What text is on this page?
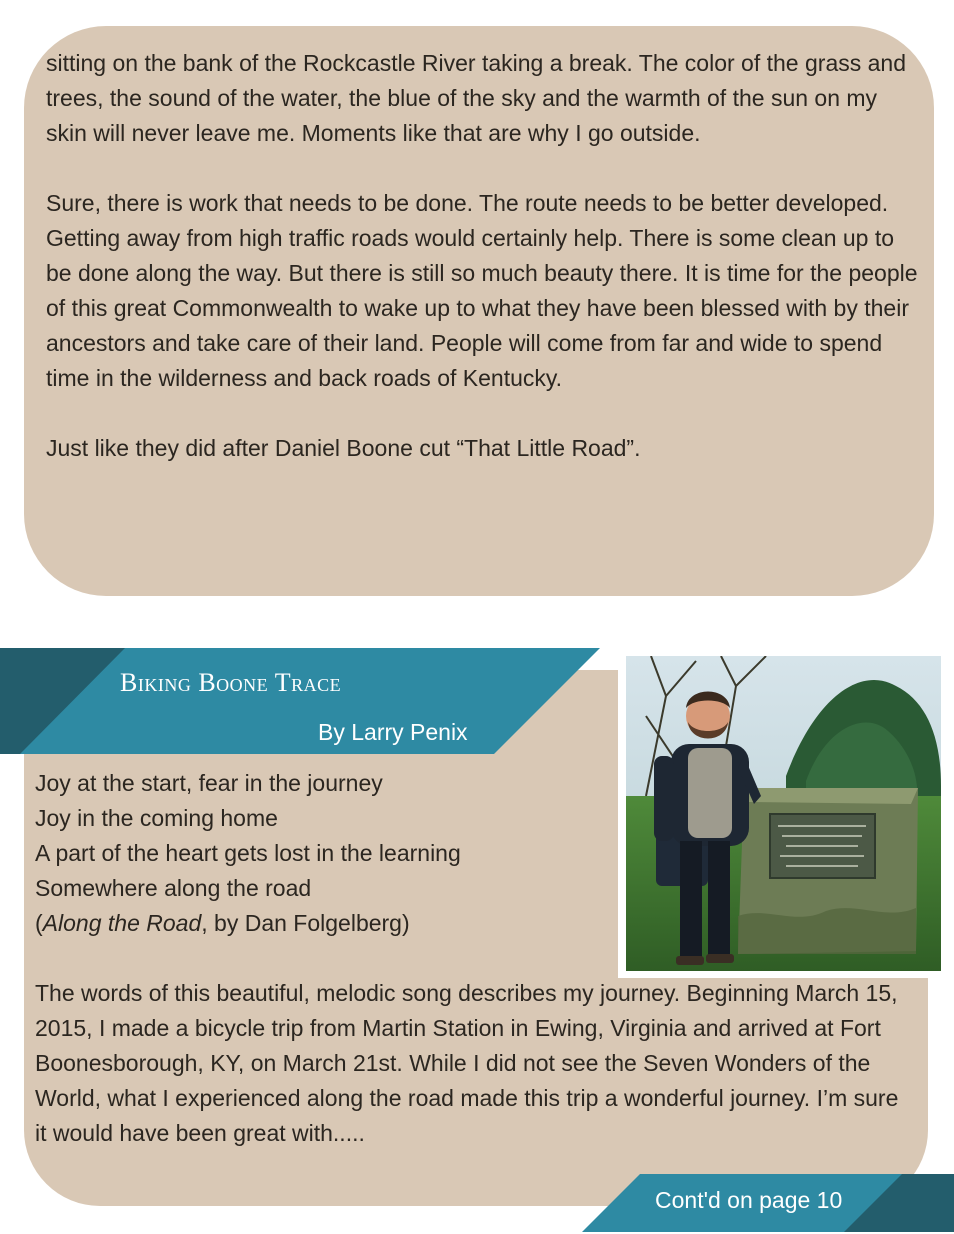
sitting on the bank of the Rockcastle River taking a break. The color of the grass and trees, the sound of the water, the blue of the sky and the warmth of the sun on my skin will never leave me. Moments like that are why I go outside.

Sure, there is work that needs to be done. The route needs to be better developed. Getting away from high traffic roads would certainly help. There is some clean up to be done along the way. But there is still so much beauty there. It is time for the people of this great Commonwealth to wake up to what they have been blessed with by their ancestors and take care of their land. People will come from far and wide to spend time in the wilderness and back roads of Kentucky.

Just like they did after Daniel Boone cut “That Little Road”.

Biking Boone Trace
By Larry Penix
Joy at the start, fear in the journey
Joy in the coming home
A part of the heart gets lost in the learning
Somewhere along the road
(Along the Road, by Dan Folgelberg)

The words of this beautiful, melodic song describes my journey. Beginning March 15, 2015, I made a bicycle trip from Martin Station in Ewing, Virginia and arrived at Fort Boonesborough, KY, on March 21st. While I did not see the Seven Wonders of the World, what I experienced along the road made this trip a wonderful journey. I’m sure it would have been great with.....

Cont'd on page 10
